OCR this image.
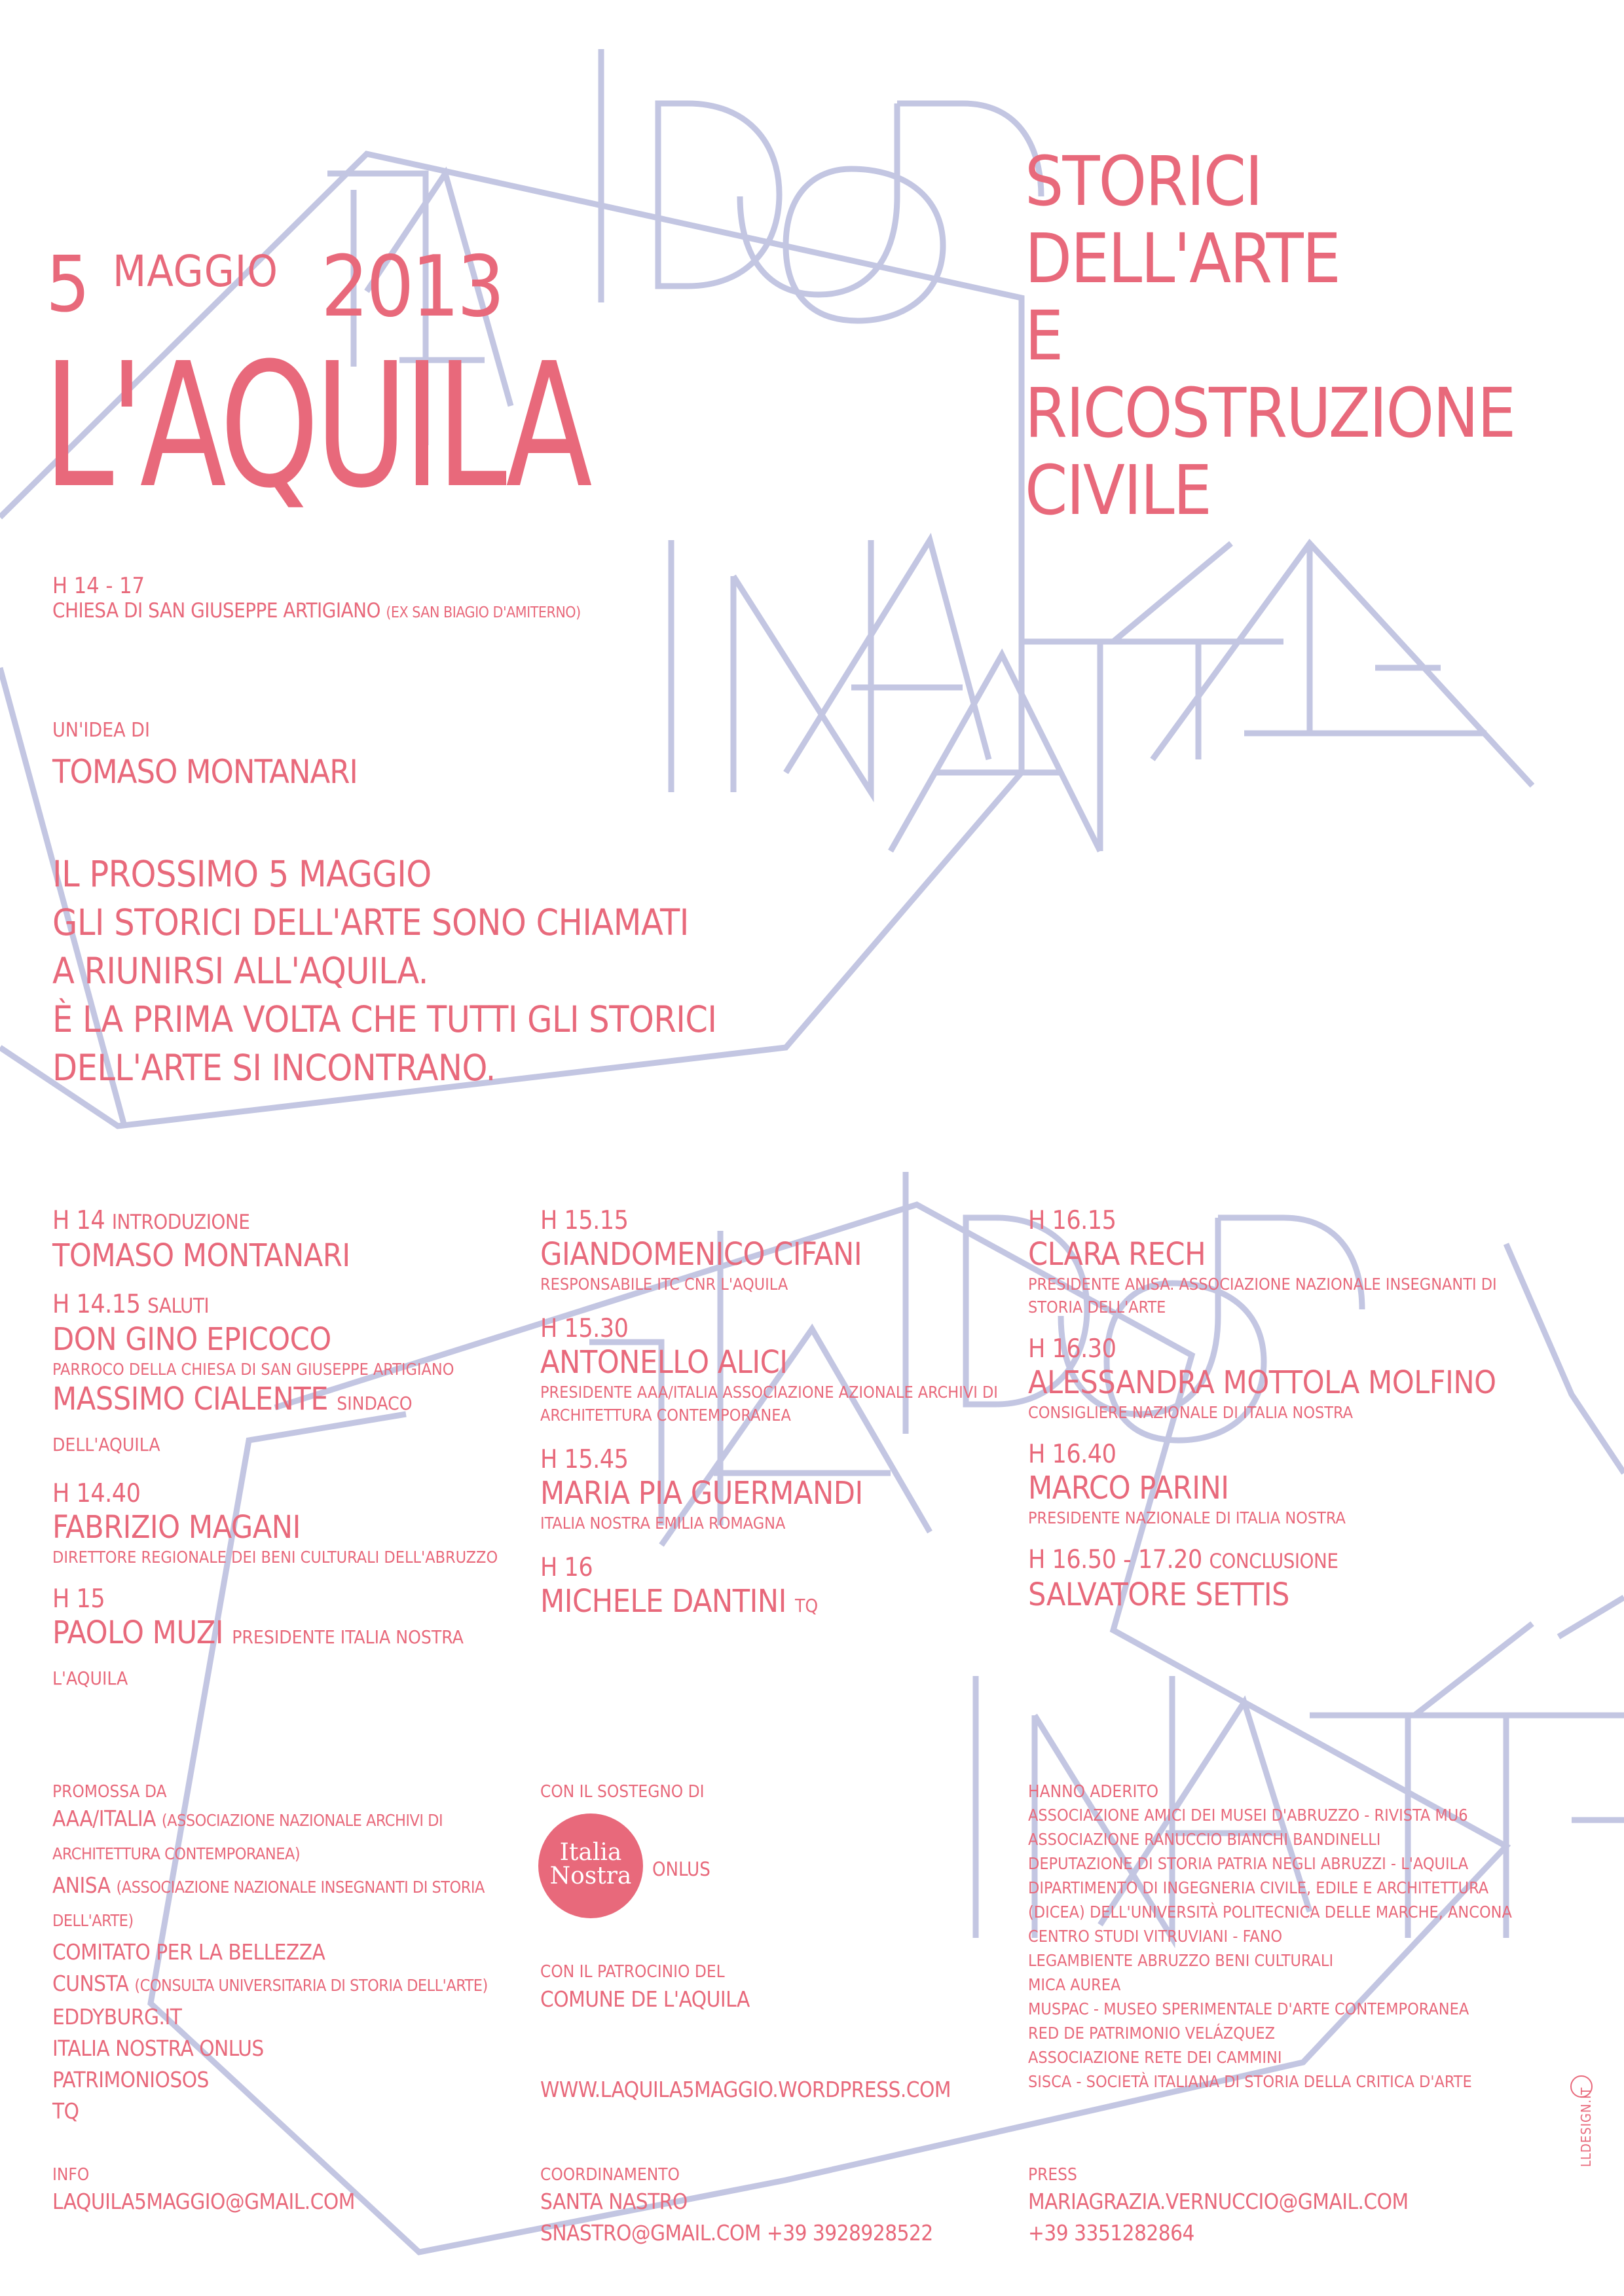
5 MAGGIO 2013
L'AQUILA
STORICI
DELL'ARTE
E
RICOSTRUZIONE
CIVILE
H 14 - 17
CHIESA DI SAN GIUSEPPE ARTIGIANO (EX SAN BIAGIO D'AMITERNO)
UN'IDEA DI
TOMASO MONTANARI
IL PROSSIMO 5 MAGGIO
GLI STORICI DELL'ARTE SONO CHIAMATI
A RIUNIRSI ALL'AQUILA.
È LA PRIMA VOLTA CHE TUTTI GLI STORICI
DELL'ARTE SI INCONTRANO.
H 14 INTRODUZIONE
TOMASO MONTANARI
H 14.15 SALUTI
DON GINO EPICOCO
PARROCO DELLA CHIESA DI SAN GIUSEPPE ARTIGIANO
MASSIMO CIALENTE SINDACO DELL'AQUILA
H 14.40
FABRIZIO MAGANI
DIRETTORE REGIONALE DEI BENI CULTURALI DELL'ABRUZZO
H 15
PAOLO MUZI PRESIDENTE ITALIA NOSTRA L'AQUILA
H 15.15
GIANDOMENICO CIFANI
RESPONSABILE ITC CNR L'AQUILA
H 15.30
ANTONELLO ALICI
PRESIDENTE AAA/ITALIA ASSOCIAZIONE AZIONALE ARCHIVI DI ARCHITETTURA CONTEMPORANEA
H 15.45
MARIA PIA GUERMANDI
ITALIA NOSTRA EMILIA ROMAGNA
H 16
MICHELE DANTINI TQ
H 16.15
CLARA RECH
PRESIDENTE ANISA. ASSOCIAZIONE NAZIONALE INSEGNANTI DI STORIA DELL'ARTE
H 16.30
ALESSANDRA MOTTOLA MOLFINO
CONSIGLIERE NAZIONALE DI ITALIA NOSTRA
H 16.40
MARCO PARINI
PRESIDENTE NAZIONALE DI ITALIA NOSTRA
H 16.50 - 17.20 CONCLUSIONE
SALVATORE SETTIS
PROMOSSA DA
AAA/ITALIA (ASSOCIAZIONE NAZIONALE ARCHIVI DI ARCHITETTURA CONTEMPORANEA)
ANISA (ASSOCIAZIONE NAZIONALE INSEGNANTI DI STORIA DELL'ARTE)
COMITATO PER LA BELLEZZA
CUNSTA (CONSULTA UNIVERSITARIA DI STORIA DELL'ARTE)
EDDYBURG.IT
ITALIA NOSTRA ONLUS
PATRIMONIOSOS
TQ
CON IL SOSTEGNO DI
Italia
Nostra	ONLUS
CON IL PATROCINIO DEL
COMUNE DE L'AQUILA
WWW.LAQUILA5MAGGIO.WORDPRESS.COM
HANNO ADERITO
ASSOCIAZIONE AMICI DEI MUSEI D'ABRUZZO - RIVISTA MU6
ASSOCIAZIONE RANUCCIO BIANCHI BANDINELLI
DEPUTAZIONE DI STORIA PATRIA NEGLI ABRUZZI - L'AQUILA
DIPARTIMENTO DI INGEGNERIA CIVILE, EDILE E ARCHITETTURA
(DICEA) DELL'UNIVERSITÀ POLITECNICA DELLE MARCHE, ANCONA
CENTRO STUDI VITRUVIANI - FANO
LEGAMBIENTE ABRUZZO BENI CULTURALI
MICA AUREA
MUSPAC - MUSEO SPERIMENTALE D'ARTE CONTEMPORANEA
RED DE PATRIMONIO VELÁZQUEZ
ASSOCIAZIONE RETE DEI CAMMINI
SISCA - SOCIETÀ ITALIANA DI STORIA DELLA CRITICA D'ARTE
INFO
LAQUILA5MAGGIO@GMAIL.COM
COORDINAMENTO
SANTA NASTRO
SNASTRO@GMAIL.COM +39 3928928522
PRESS
MARIAGRAZIA.VERNUCCIO@GMAIL.COM
+39 3351282864
LLDESIGN.IT
